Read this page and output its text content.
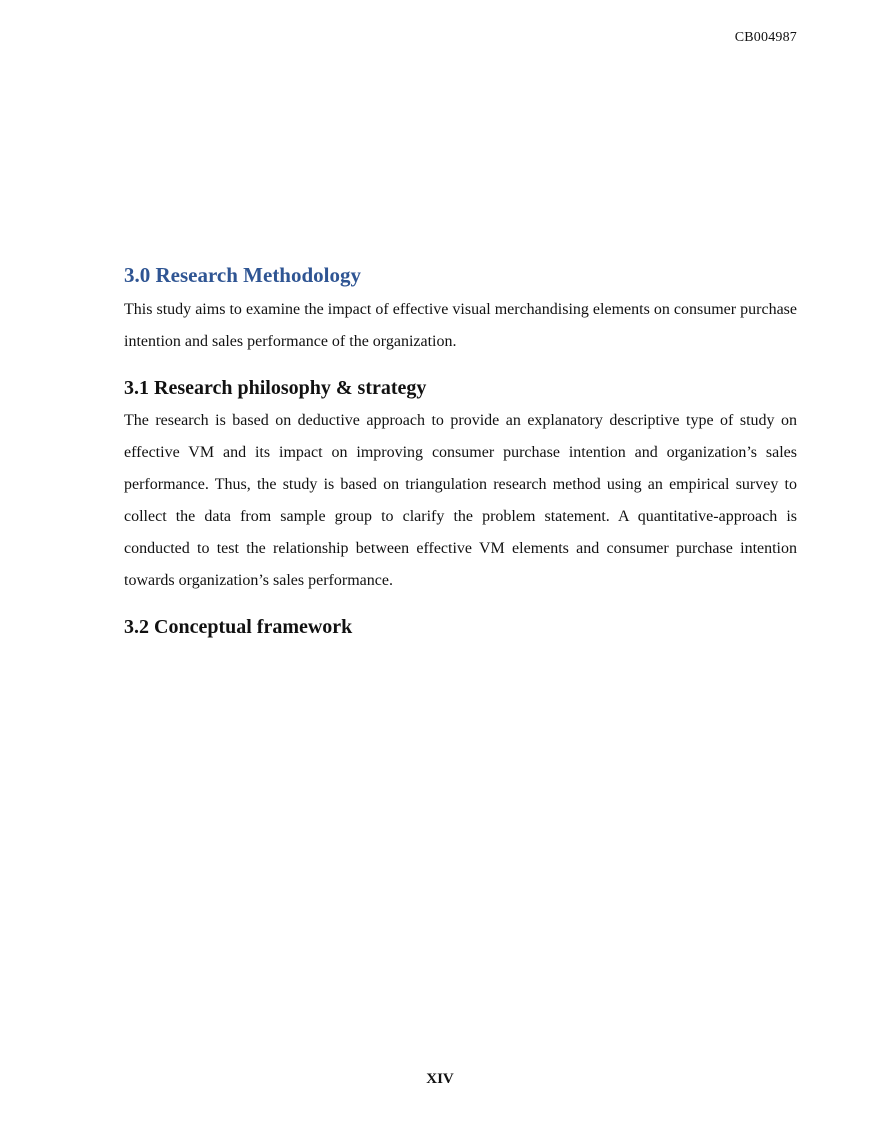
CB004987
3.0 Research Methodology

This study aims to examine the impact of effective visual merchandising elements on consumer purchase intention and sales performance of the organization.

3.1 Research philosophy & strategy

The research is based on deductive approach to provide an explanatory descriptive type of study on effective VM and its impact on improving consumer purchase intention and organization’s sales performance. Thus, the study is based on triangulation research method using an empirical survey to collect the data from sample group to clarify the problem statement. A quantitative-approach is conducted to test the relationship between effective VM elements and consumer purchase intention towards organization’s sales performance.

3.2 Conceptual framework
XIV
